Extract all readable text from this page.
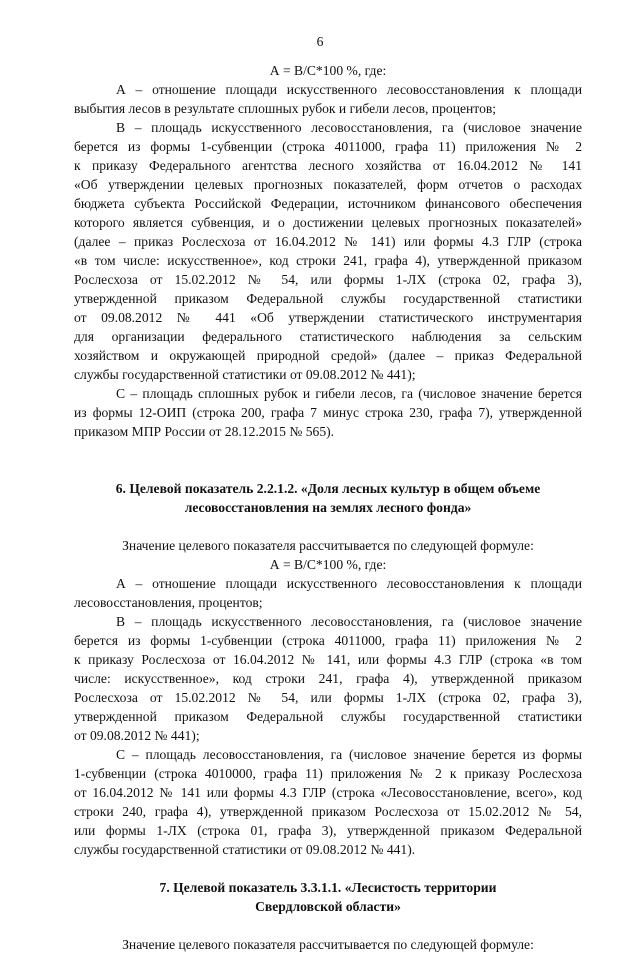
6
А = В/С*100 %, где:
А – отношение площади искусственного лесовосстановления к площади
выбытия лесов в результате сплошных рубок и гибели лесов, процентов;
В – площадь искусственного лесовосстановления, га (числовое значение
берется из формы 1-субвенции (строка 4011000, графа 11) приложения № 2
к приказу Федерального агентства лесного хозяйства от 16.04.2012 № 141
«Об утверждении целевых прогнозных показателей, форм отчетов о расходах
бюджета субъекта Российской Федерации, источником финансового обеспечения
которого является субвенция, и о достижении целевых прогнозных показателей»
(далее – приказ Рослесхоза от 16.04.2012 № 141) или формы 4.3 ГЛР (строка
«в том числе: искусственное», код строки 241, графа 4), утвержденной приказом
Рослесхоза от 15.02.2012 № 54, или формы 1-ЛХ (строка 02, графа 3),
утвержденной приказом Федеральной службы государственной статистики
от 09.08.2012 № 441 «Об утверждении статистического инструментария
для организации федерального статистического наблюдения за сельским
хозяйством и окружающей природной средой» (далее – приказ Федеральной
службы государственной статистики от 09.08.2012 № 441);
С – площадь сплошных рубок и гибели лесов, га (числовое значение берется
из формы 12-ОИП (строка 200, графа 7 минус строка 230, графа 7), утвержденной
приказом МПР России от 28.12.2015 № 565).
6. Целевой показатель 2.2.1.2. «Доля лесных культур в общем объеме
лесовосстановления на землях лесного фонда»
Значение целевого показателя рассчитывается по следующей формуле:
А = В/С*100 %, где:
А – отношение площади искусственного лесовосстановления к площади
лесовосстановления, процентов;
В – площадь искусственного лесовосстановления, га (числовое значение
берется из формы 1-субвенции (строка 4011000, графа 11) приложения № 2
к приказу Рослесхоза от 16.04.2012 № 141, или формы 4.3 ГЛР (строка «в том
числе: искусственное», код строки 241, графа 4), утвержденной приказом
Рослесхоза от 15.02.2012 № 54, или формы 1-ЛХ (строка 02, графа 3),
утвержденной приказом Федеральной службы государственной статистики
от 09.08.2012 № 441);
С – площадь лесовосстановления, га (числовое значение берется из формы
1-субвенции (строка 4010000, графа 11) приложения № 2 к приказу Рослесхоза
от 16.04.2012 № 141 или формы 4.3 ГЛР (строка «Лесовосстановление, всего», код
строки 240, графа 4), утвержденной приказом Рослесхоза от 15.02.2012 № 54,
или формы 1-ЛХ (строка 01, графа 3), утвержденной приказом Федеральной
службы государственной статистики от 09.08.2012 № 441).
7. Целевой показатель 3.3.1.1. «Лесистость территории
Свердловской области»
Значение целевого показателя рассчитывается по следующей формуле:
